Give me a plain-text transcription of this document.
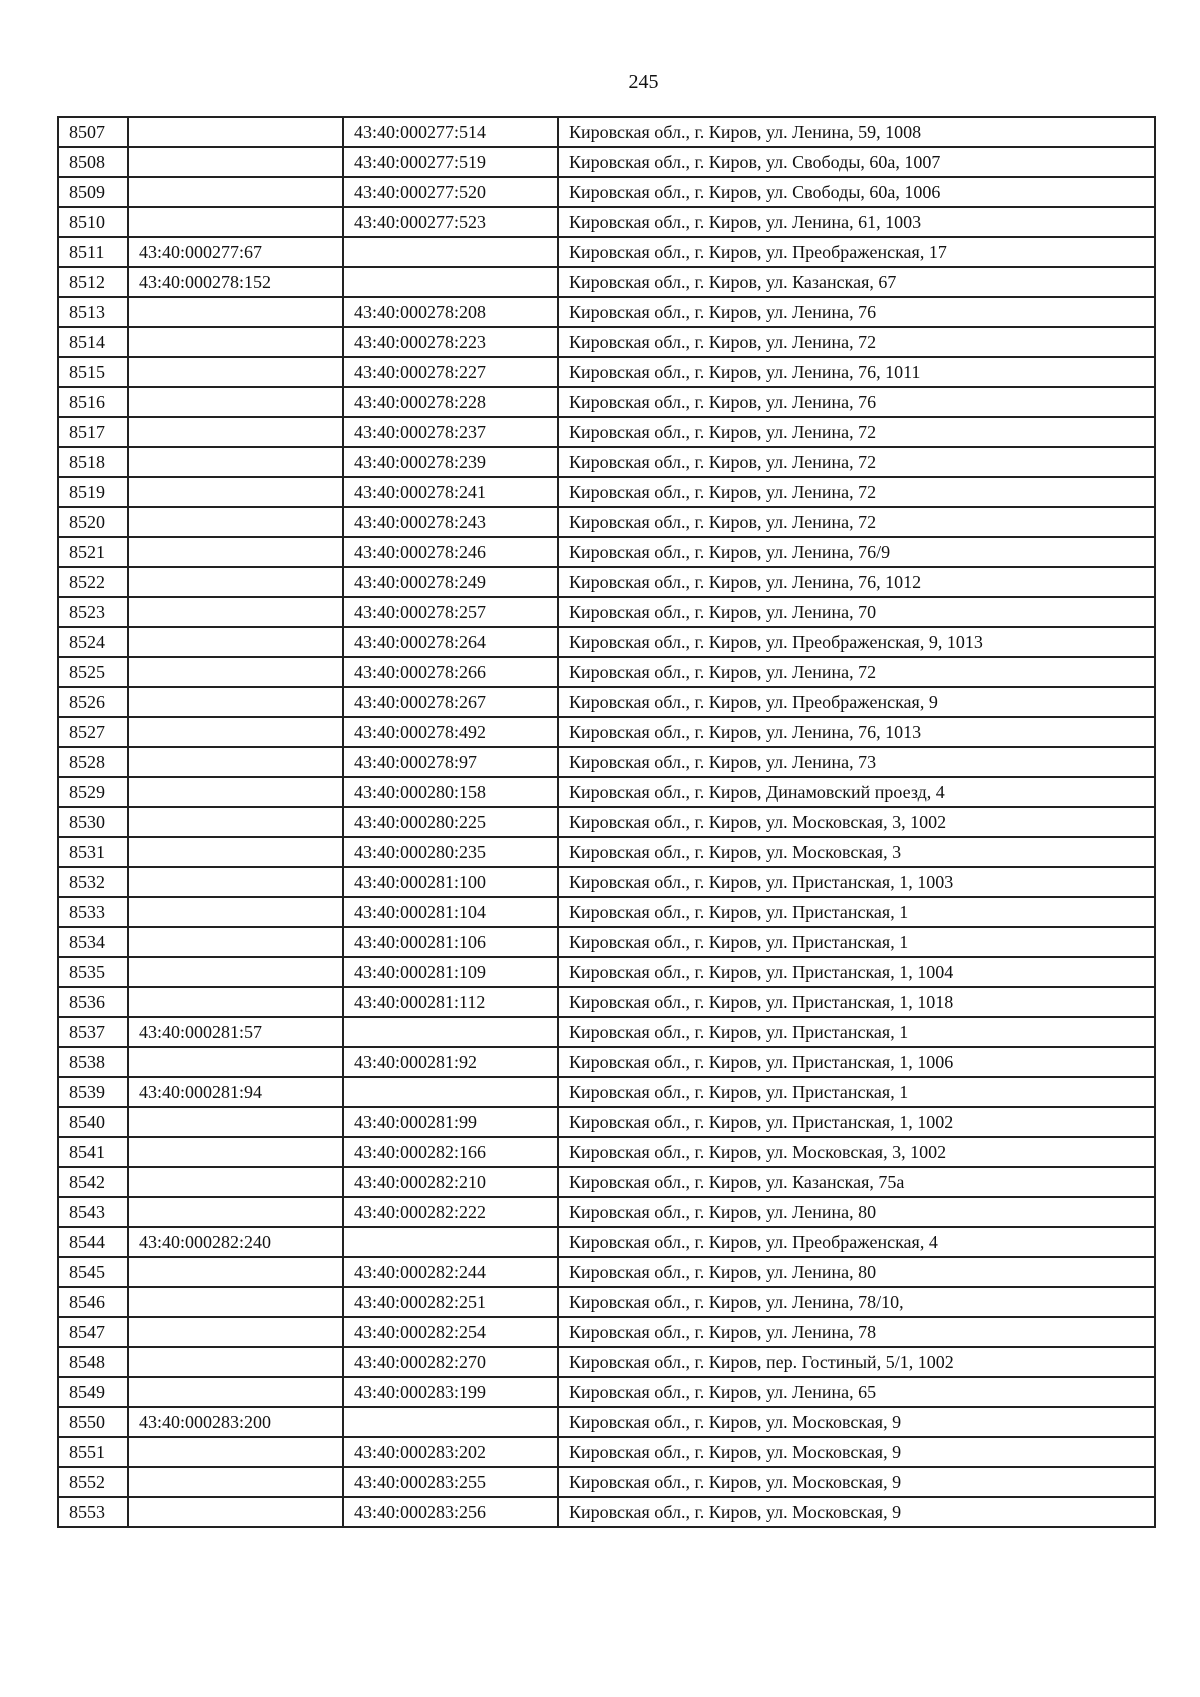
245
8507		43:40:000277:514	Кировская обл., г. Киров, ул. Ленина, 59, 1008
8508		43:40:000277:519	Кировская обл., г. Киров, ул. Свободы, 60а, 1007
8509		43:40:000277:520	Кировская обл., г. Киров, ул. Свободы, 60а, 1006
8510		43:40:000277:523	Кировская обл., г. Киров, ул. Ленина, 61, 1003
8511	43:40:000277:67		Кировская обл., г. Киров, ул. Преображенская, 17
8512	43:40:000278:152		Кировская обл., г. Киров, ул. Казанская, 67
8513		43:40:000278:208	Кировская обл., г. Киров, ул. Ленина, 76
8514		43:40:000278:223	Кировская обл., г. Киров, ул. Ленина, 72
8515		43:40:000278:227	Кировская обл., г. Киров, ул. Ленина, 76, 1011
8516		43:40:000278:228	Кировская обл., г. Киров, ул. Ленина, 76
8517		43:40:000278:237	Кировская обл., г. Киров, ул. Ленина, 72
8518		43:40:000278:239	Кировская обл., г. Киров, ул. Ленина, 72
8519		43:40:000278:241	Кировская обл., г. Киров, ул. Ленина, 72
8520		43:40:000278:243	Кировская обл., г. Киров, ул. Ленина, 72
8521		43:40:000278:246	Кировская обл., г. Киров, ул. Ленина, 76/9
8522		43:40:000278:249	Кировская обл., г. Киров, ул. Ленина, 76, 1012
8523		43:40:000278:257	Кировская обл., г. Киров, ул. Ленина, 70
8524		43:40:000278:264	Кировская обл., г. Киров, ул. Преображенская, 9, 1013
8525		43:40:000278:266	Кировская обл., г. Киров, ул. Ленина, 72
8526		43:40:000278:267	Кировская обл., г. Киров, ул. Преображенская, 9
8527		43:40:000278:492	Кировская обл., г. Киров, ул. Ленина, 76, 1013
8528		43:40:000278:97	Кировская обл., г. Киров, ул. Ленина, 73
8529		43:40:000280:158	Кировская обл., г. Киров, Динамовский проезд, 4
8530		43:40:000280:225	Кировская обл., г. Киров, ул. Московская, 3, 1002
8531		43:40:000280:235	Кировская обл., г. Киров, ул. Московская, 3
8532		43:40:000281:100	Кировская обл., г. Киров, ул. Пристанская, 1, 1003
8533		43:40:000281:104	Кировская обл., г. Киров, ул. Пристанская, 1
8534		43:40:000281:106	Кировская обл., г. Киров, ул. Пристанская, 1
8535		43:40:000281:109	Кировская обл., г. Киров, ул. Пристанская, 1, 1004
8536		43:40:000281:112	Кировская обл., г. Киров, ул. Пристанская, 1, 1018
8537	43:40:000281:57		Кировская обл., г. Киров, ул. Пристанская, 1
8538		43:40:000281:92	Кировская обл., г. Киров, ул. Пристанская, 1, 1006
8539	43:40:000281:94		Кировская обл., г. Киров, ул. Пристанская, 1
8540		43:40:000281:99	Кировская обл., г. Киров, ул. Пристанская, 1, 1002
8541		43:40:000282:166	Кировская обл., г. Киров, ул. Московская, 3, 1002
8542		43:40:000282:210	Кировская обл., г. Киров, ул. Казанская, 75а
8543		43:40:000282:222	Кировская обл., г. Киров, ул. Ленина, 80
8544	43:40:000282:240		Кировская обл., г. Киров, ул. Преображенская, 4
8545		43:40:000282:244	Кировская обл., г. Киров, ул. Ленина, 80
8546		43:40:000282:251	Кировская обл., г. Киров, ул. Ленина, 78/10,
8547		43:40:000282:254	Кировская обл., г. Киров, ул. Ленина, 78
8548		43:40:000282:270	Кировская обл., г. Киров, пер. Гостиный, 5/1, 1002
8549		43:40:000283:199	Кировская обл., г. Киров, ул. Ленина, 65
8550	43:40:000283:200		Кировская обл., г. Киров, ул. Московская, 9
8551		43:40:000283:202	Кировская обл., г. Киров, ул. Московская, 9
8552		43:40:000283:255	Кировская обл., г. Киров, ул. Московская, 9
8553		43:40:000283:256	Кировская обл., г. Киров, ул. Московская, 9
